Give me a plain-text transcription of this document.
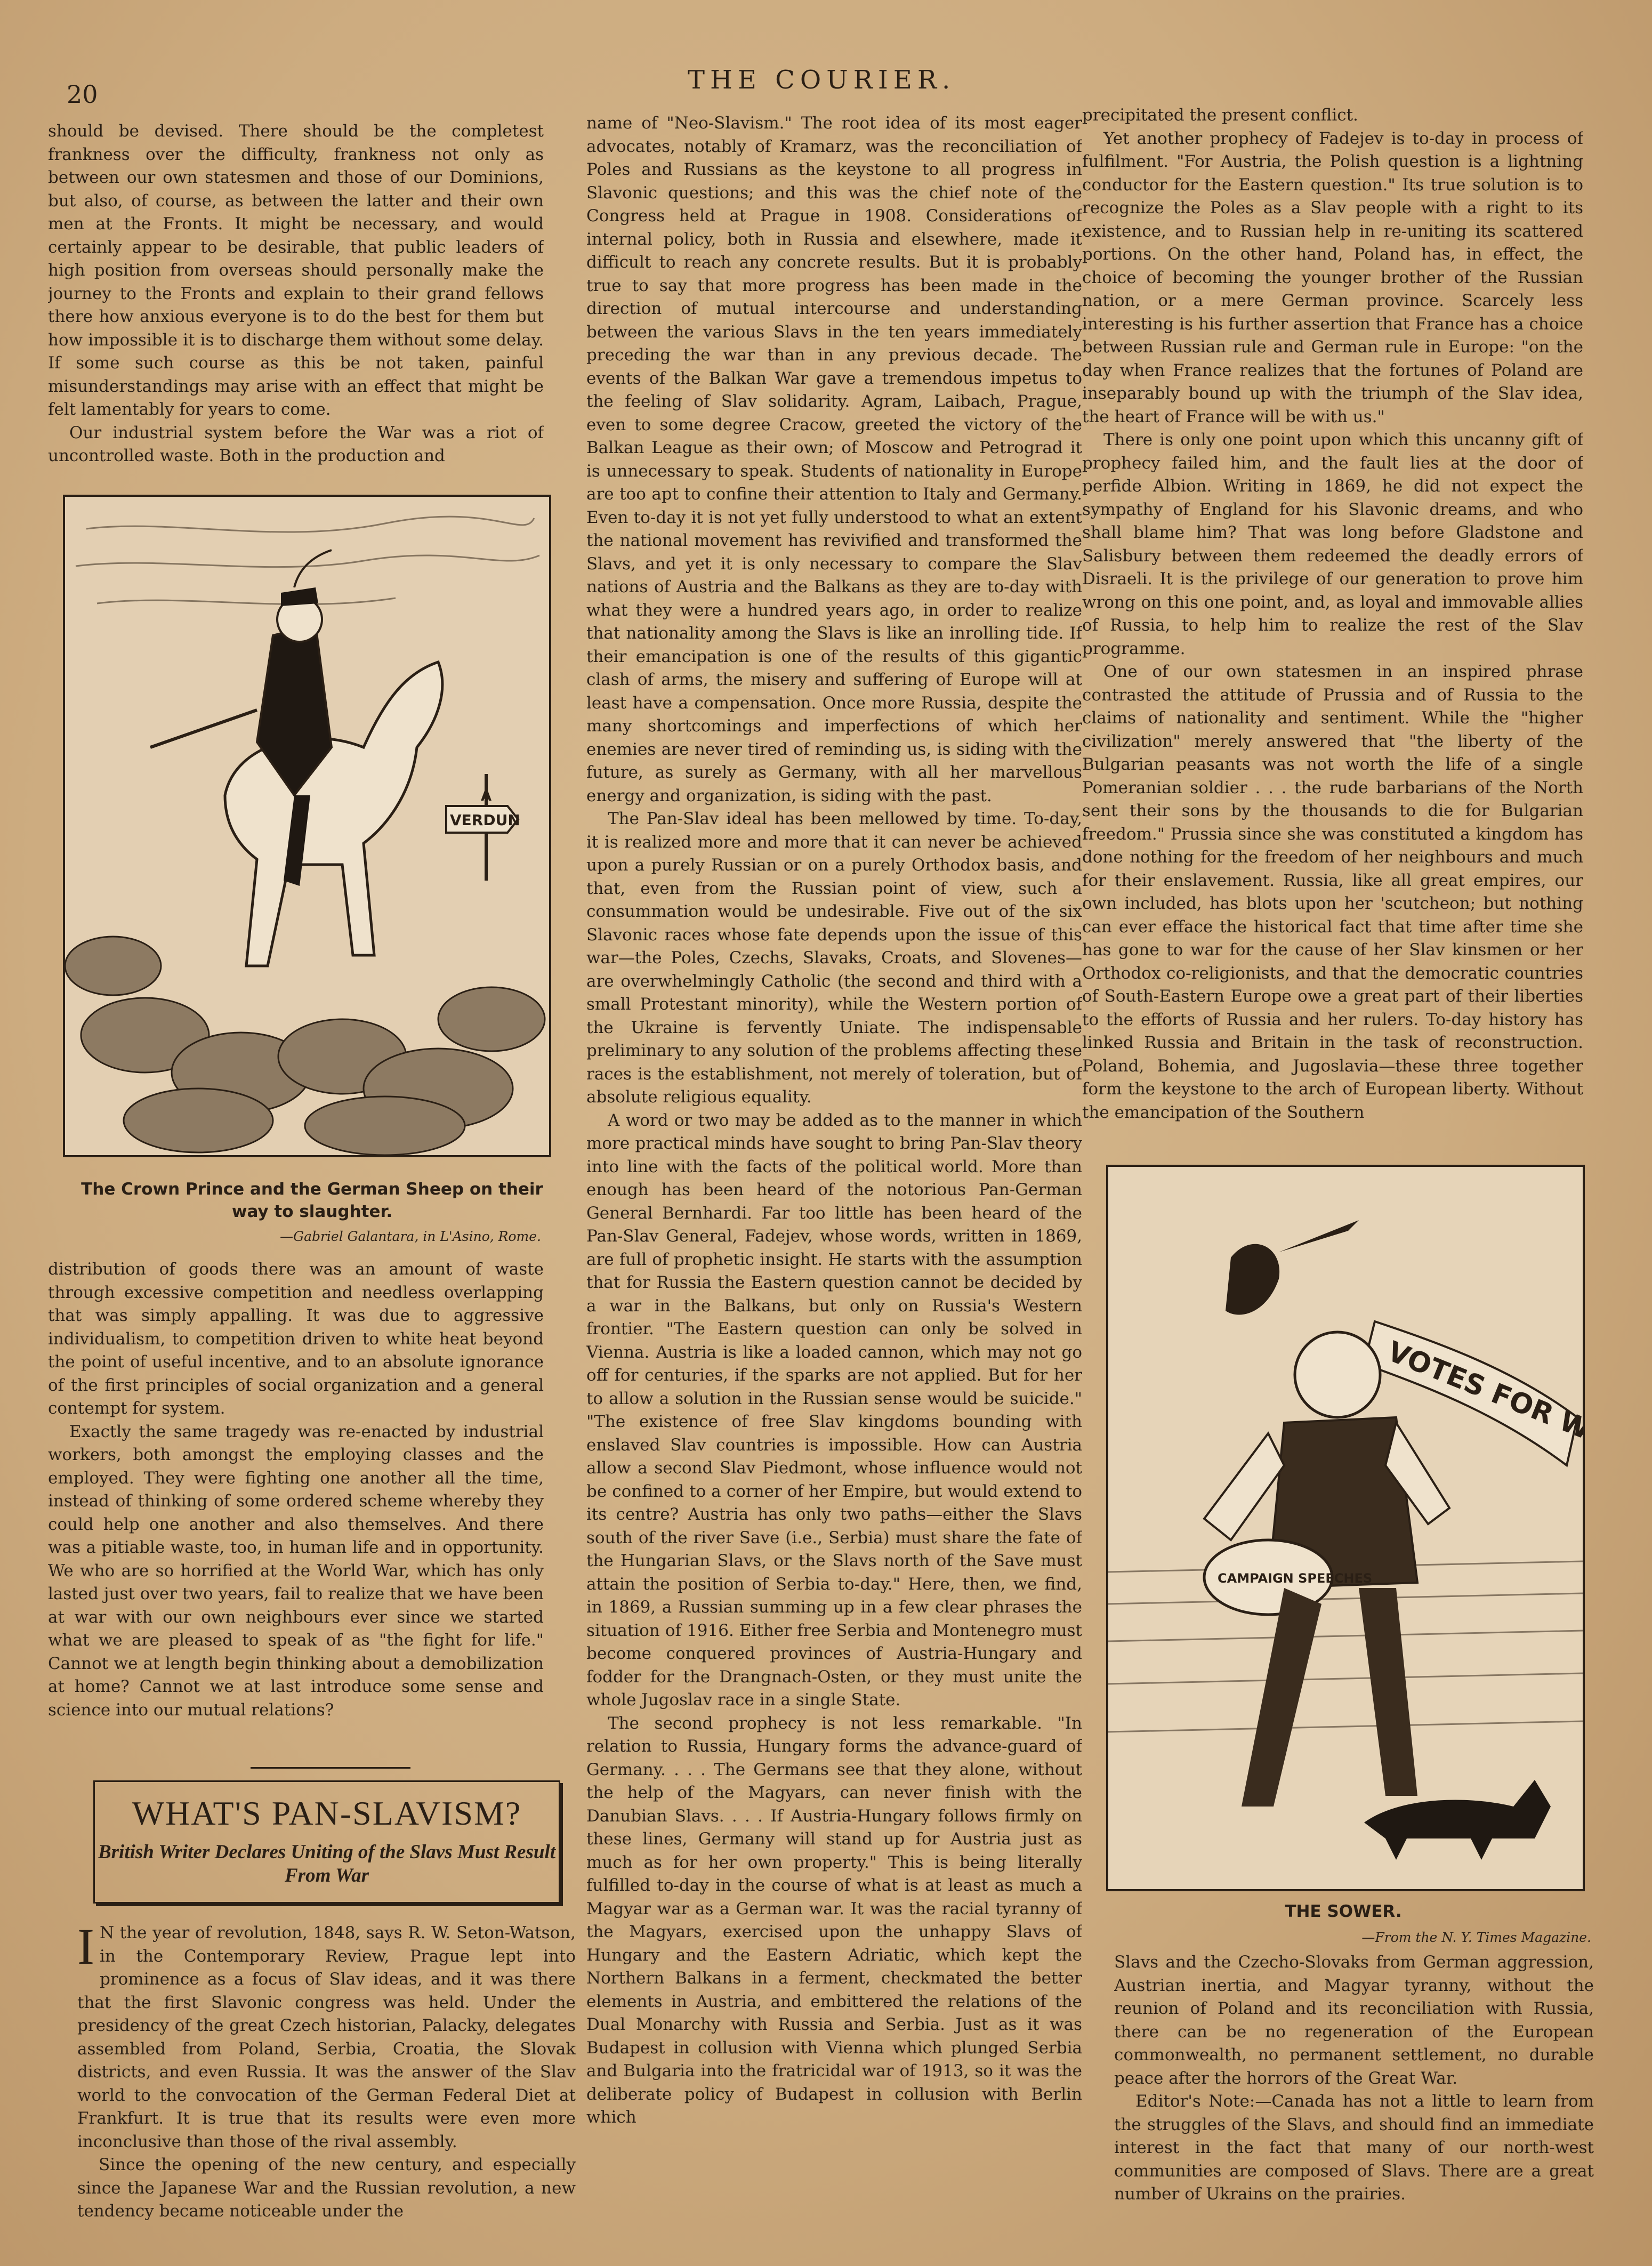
20	THE COURIER.

should be devised. There should be the completest frankness over the difficulty, frankness not only as between our own statesmen and those of our Dominions, but also, of course, as between the latter and their own men at the Fronts. It might be necessary, and would certainly appear to be desirable, that public leaders of high position from overseas should personally make the journey to the Fronts and explain to their grand fellows there how anxious everyone is to do the best for them but how impossible it is to discharge them without some delay. If some such course as this be not taken, painful misunderstandings may arise with an effect that might be felt lamentably for years to come.

Our industrial system before the War was a riot of uncontrolled waste. Both in the production and

A
VERDUN
The Crown Prince and the German Sheep on their way to slaughter.
—Gabriel Galantara, in L'Asino, Rome.

distribution of goods there was an amount of waste through excessive competition and needless overlapping that was simply appalling. It was due to aggressive individualism, to competition driven to white heat beyond the point of useful incentive, and to an absolute ignorance of the first principles of social organization and a general contempt for system.

Exactly the same tragedy was re-enacted by industrial workers, both amongst the employing classes and the employed. They were fighting one another all the time, instead of thinking of some ordered scheme whereby they could help one another and also themselves. And there was a pitiable waste, too, in human life and in opportunity. We who are so horrified at the World War, which has only lasted just over two years, fail to realize that we have been at war with our own neighbours ever since we started what we are pleased to speak of as "the fight for life." Cannot we at length begin thinking about a demobilization at home? Cannot we at last introduce some sense and science into our mutual relations?

WHAT'S PAN-SLAVISM?
British Writer Declares Uniting of the Slavs Must Result From War

I N the year of revolution, 1848, says R. W. Seton-Watson, in the Contemporary Review, Prague lept into prominence as a focus of Slav ideas, and it was there that the first Slavonic congress was held. Under the presidency of the great Czech historian, Palacky, delegates assembled from Poland, Serbia, Croatia, the Slovak districts, and even Russia. It was the answer of the Slav world to the convocation of the German Federal Diet at Frankfurt. It is true that its results were even more inconclusive than those of the rival assembly.

Since the opening of the new century, and especially since the Japanese War and the Russian revolution, a new tendency became noticeable under the

name of "Neo-Slavism." The root idea of its most eager advocates, notably of Kramarz, was the reconciliation of Poles and Russians as the keystone to all progress in Slavonic questions; and this was the chief note of the Congress held at Prague in 1908. Considerations of internal policy, both in Russia and elsewhere, made it difficult to reach any concrete results. But it is probably true to say that more progress has been made in the direction of mutual intercourse and understanding between the various Slavs in the ten years immediately preceding the war than in any previous decade. The events of the Balkan War gave a tremendous impetus to the feeling of Slav solidarity. Agram, Laibach, Prague, even to some degree Cracow, greeted the victory of the Balkan League as their own; of Moscow and Petrograd it is unnecessary to speak. Students of nationality in Europe are too apt to confine their attention to Italy and Germany. Even to-day it is not yet fully understood to what an extent the national movement has revivified and transformed the Slavs, and yet it is only necessary to compare the Slav nations of Austria and the Balkans as they are to-day with what they were a hundred years ago, in order to realize that nationality among the Slavs is like an inrolling tide. If their emancipation is one of the results of this gigantic clash of arms, the misery and suffering of Europe will at least have a compensation. Once more Russia, despite the many shortcomings and imperfections of which her enemies are never tired of reminding us, is siding with the future, as surely as Germany, with all her marvellous energy and organization, is siding with the past.

The Pan-Slav ideal has been mellowed by time. To-day, it is realized more and more that it can never be achieved upon a purely Russian or on a purely Orthodox basis, and that, even from the Russian point of view, such a consummation would be undesirable. Five out of the six Slavonic races whose fate depends upon the issue of this war—the Poles, Czechs, Slavaks, Croats, and Slovenes—are overwhelmingly Catholic (the second and third with a small Protestant minority), while the Western portion of the Ukraine is fervently Uniate. The indispensable preliminary to any solution of the problems affecting these races is the establishment, not merely of toleration, but of absolute religious equality.

A word or two may be added as to the manner in which more practical minds have sought to bring Pan-Slav theory into line with the facts of the political world. More than enough has been heard of the notorious Pan-German General Bernhardi. Far too little has been heard of the Pan-Slav General, Fadejev, whose words, written in 1869, are full of prophetic insight. He starts with the assumption that for Russia the Eastern question cannot be decided by a war in the Balkans, but only on Russia's Western frontier. "The Eastern question can only be solved in Vienna. Austria is like a loaded cannon, which may not go off for centuries, if the sparks are not applied. But for her to allow a solution in the Russian sense would be suicide." "The existence of free Slav kingdoms bounding with enslaved Slav countries is impossible. How can Austria allow a second Slav Piedmont, whose influence would not be confined to a corner of her Empire, but would extend to its centre? Austria has only two paths—either the Slavs south of the river Save (i.e., Serbia) must share the fate of the Hungarian Slavs, or the Slavs north of the Save must attain the position of Serbia to-day." Here, then, we find, in 1869, a Russian summing up in a few clear phrases the situation of 1916. Either free Serbia and Montenegro must become conquered provinces of Austria-Hungary and fodder for the Drangnach-Osten, or they must unite the whole Jugoslav race in a single State.

The second prophecy is not less remarkable. "In relation to Russia, Hungary forms the advance-guard of Germany. . . . The Germans see that they alone, without the help of the Magyars, can never finish with the Danubian Slavs. . . . If Austria-Hungary follows firmly on these lines, Germany will stand up for Austria just as much as for her own property." This is being literally fulfilled to-day in the course of what is at least as much a Magyar war as a German war. It was the racial tyranny of the Magyars, exercised upon the unhappy Slavs of Hungary and the Eastern Adriatic, which kept the Northern Balkans in a ferment, checkmated the better elements in Austria, and embittered the relations of the Dual Monarchy with Russia and Serbia. Just as it was Budapest in collusion with Vienna which plunged Serbia and Bulgaria into the fratricidal war of 1913, so it was the deliberate policy of Budapest in collusion with Berlin which

precipitated the present conflict.

Yet another prophecy of Fadejev is to-day in process of fulfilment. "For Austria, the Polish question is a lightning conductor for the Eastern question." Its true solution is to recognize the Poles as a Slav people with a right to its existence, and to Russian help in re-uniting its scattered portions. On the other hand, Poland has, in effect, the choice of becoming the younger brother of the Russian nation, or a mere German province. Scarcely less interesting is his further assertion that France has a choice between Russian rule and German rule in Europe: "on the day when France realizes that the fortunes of Poland are inseparably bound up with the triumph of the Slav idea, the heart of France will be with us."

There is only one point upon which this uncanny gift of prophecy failed him, and the fault lies at the door of perfide Albion. Writing in 1869, he did not expect the sympathy of England for his Slavonic dreams, and who shall blame him? That was long before Gladstone and Salisbury between them redeemed the deadly errors of Disraeli. It is the privilege of our generation to prove him wrong on this one point, and, as loyal and immovable allies of Russia, to help him to realize the rest of the Slav programme.

One of our own statesmen in an inspired phrase contrasted the attitude of Prussia and of Russia to the claims of nationality and sentiment. While the "higher civilization" merely answered that "the liberty of the Bulgarian peasants was not worth the life of a single Pomeranian soldier . . . the rude barbarians of the North sent their sons by the thousands to die for Bulgarian freedom." Prussia since she was constituted a kingdom has done nothing for the freedom of her neighbours and much for their enslavement. Russia, like all great empires, our own included, has blots upon her 'scutcheon; but nothing can ever efface the historical fact that time after time she has gone to war for the cause of her Slav kinsmen or her Orthodox co-religionists, and that the democratic countries of South-Eastern Europe owe a great part of their liberties to the efforts of Russia and her rulers. To-day history has linked Russia and Britain in the task of reconstruction. Poland, Bohemia, and Jugoslavia—these three together form the keystone to the arch of European liberty. Without the emancipation of the Southern

VOTES FOR
CAMPAIGN SPEECHES
THE SOWER.
—From the N. Y. Times Magazine.

Slavs and the Czecho-Slovaks from German aggression, Austrian inertia, and Magyar tyranny, without the reunion of Poland and its reconciliation with Russia, there can be no regeneration of the European commonwealth, no permanent settlement, no durable peace after the horrors of the Great War.

Editor's Note:—Canada has not a little to learn from the struggles of the Slavs, and should find an immediate interest in the fact that many of our north-west communities are composed of Slavs. There are a great number of Ukrains on the prairies.
